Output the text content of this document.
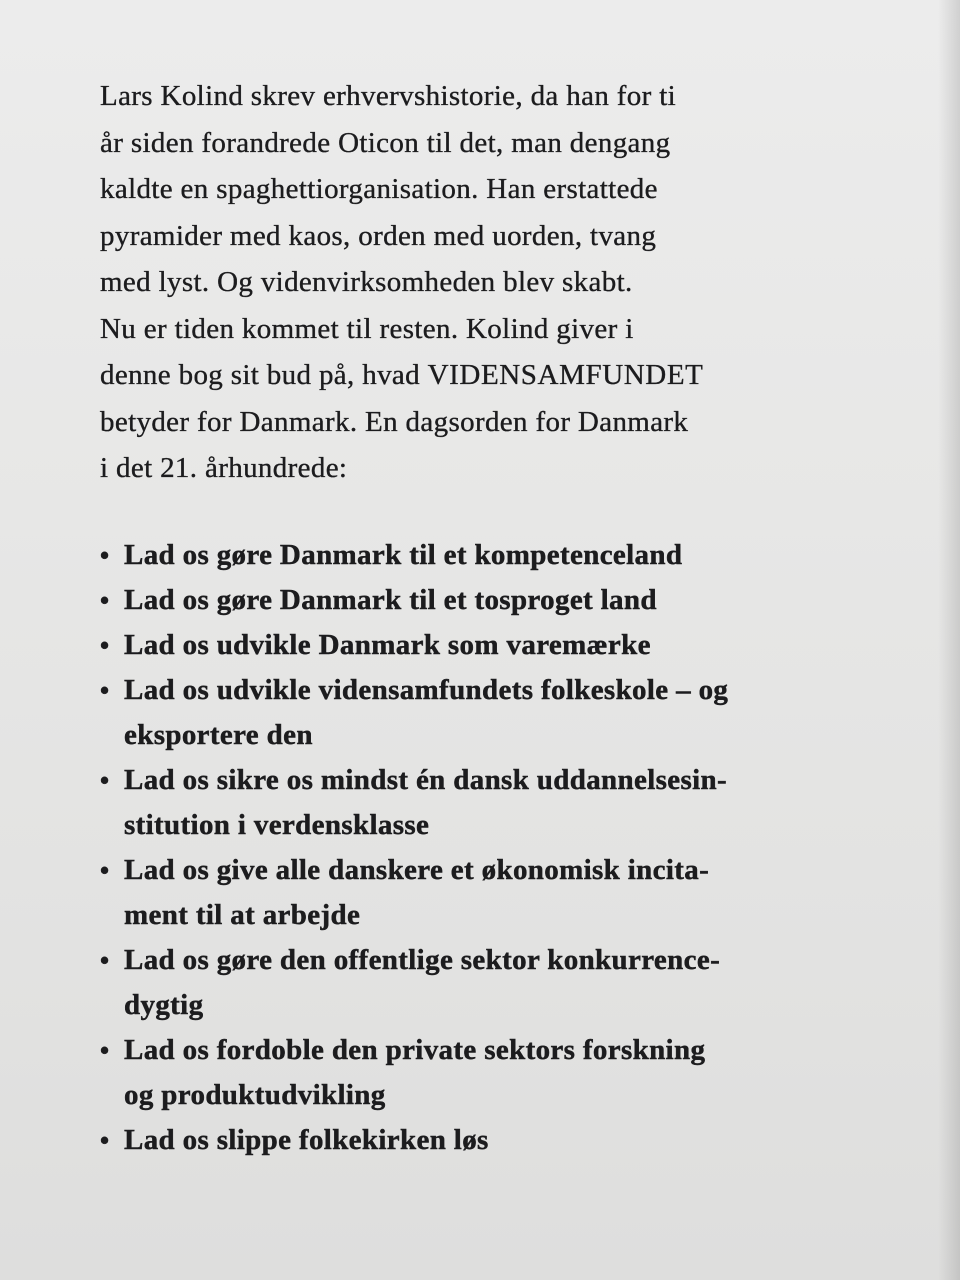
Lars Kolind skrev erhvervshistorie, da han for ti
år siden forandrede Oticon til det, man dengang
kaldte en spaghettiorganisation. Han erstattede
pyramider med kaos, orden med uorden, tvang
med lyst. Og videnvirksomheden blev skabt.
Nu er tiden kommet til resten. Kolind giver i
denne bog sit bud på, hvad VIDENSAMFUNDET
betyder for Danmark. En dagsorden for Danmark
i det 21. århundrede:
• Lad os gøre Danmark til et kompetenceland
• Lad os gøre Danmark til et tosproget land
• Lad os udvikle Danmark som varemærke
• Lad os udvikle vidensamfundets folkeskole – og
eksportere den
• Lad os sikre os mindst én dansk uddannelsesin-
stitution i verdensklasse
• Lad os give alle danskere et økonomisk incita-
ment til at arbejde
• Lad os gøre den offentlige sektor konkurrence-
dygtig
• Lad os fordoble den private sektors forskning
og produktudvikling
• Lad os slippe folkekirken løs
